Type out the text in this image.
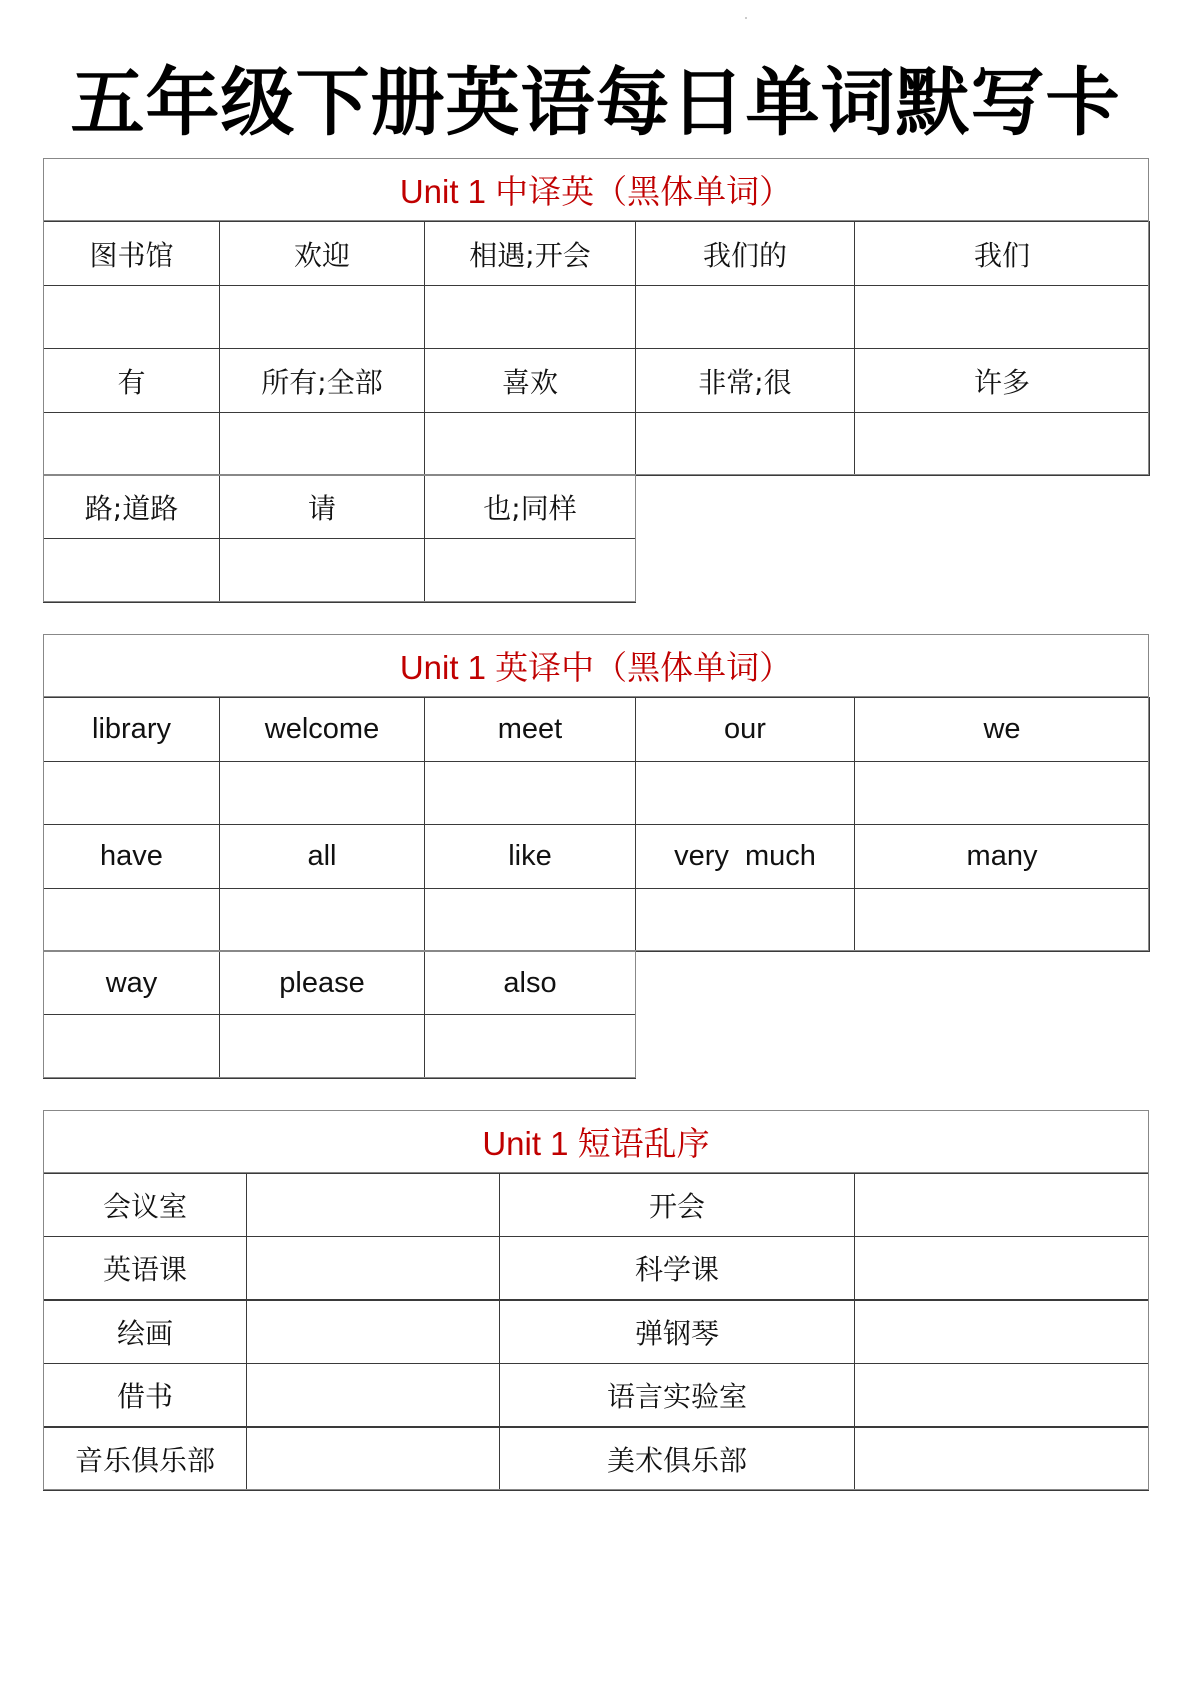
五年级下册英语每日单词默写卡
Unit 1 中译英（黑体单词）
图书馆	欢迎	相遇;开会	我们的	我们
有	所有;全部	喜欢	非常;很	许多
路;道路	请	也;同样
Unit 1 英译中（黑体单词）
library	welcome	meet	our	we
have	all	like	very  much	many
way	please	also
Unit 1 短语乱序
会议室	开会
英语课	科学课
绘画	弹钢琴
借书	语言实验室
音乐俱乐部	美术俱乐部
